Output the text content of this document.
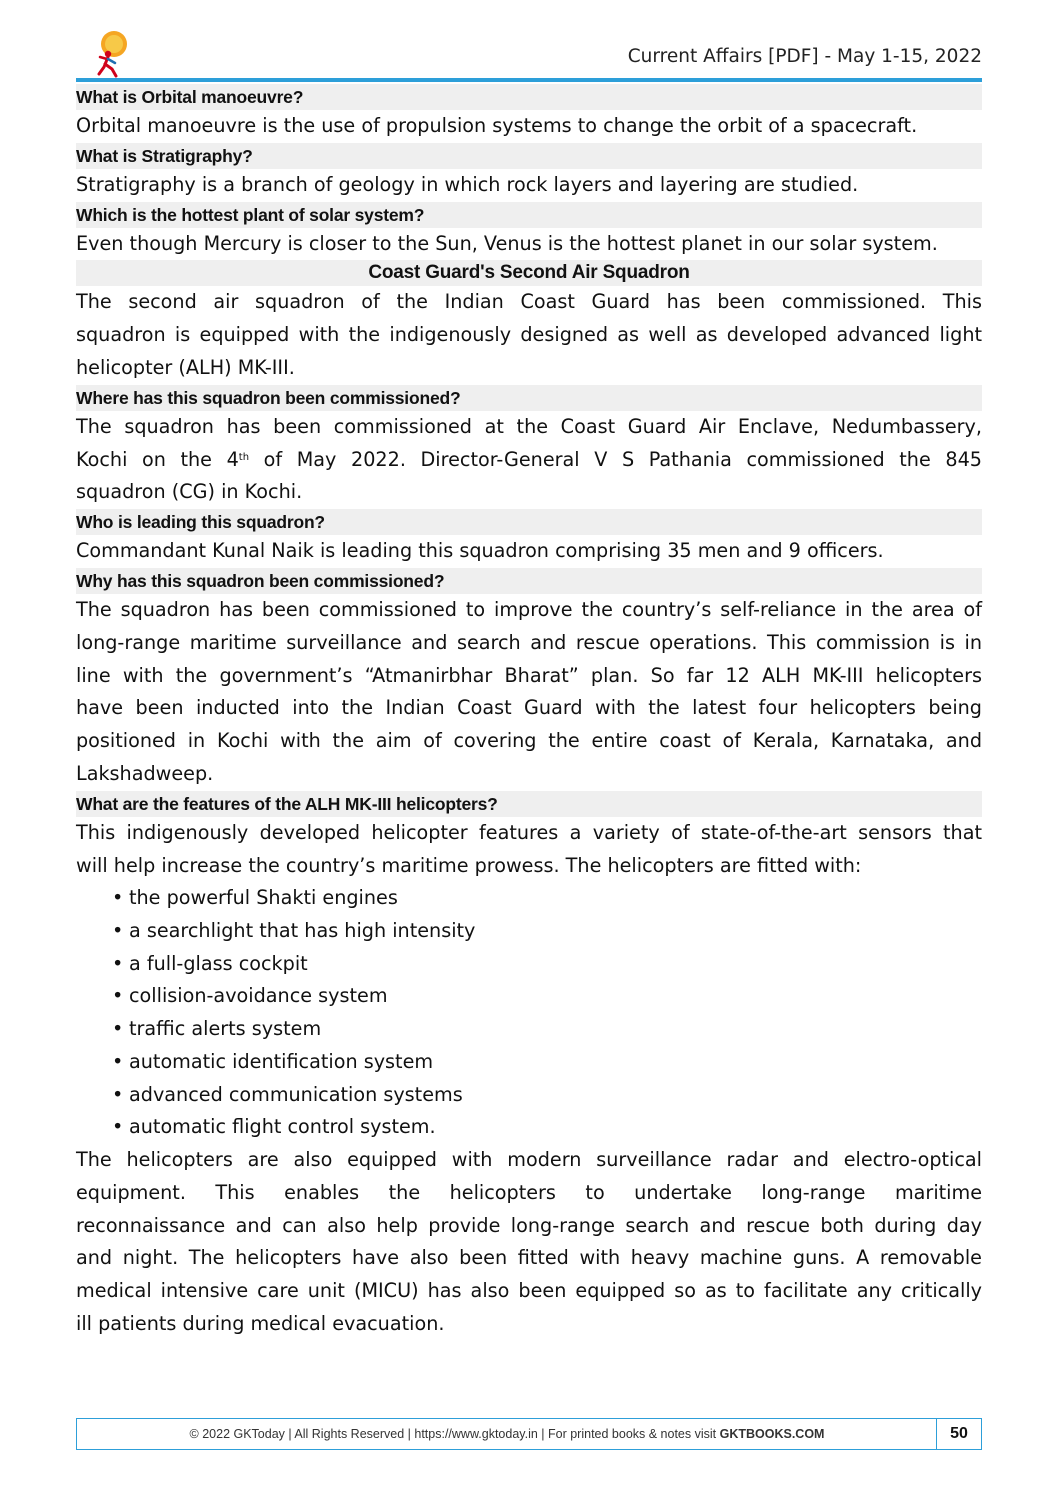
Current Affairs [PDF] - May 1-15, 2022
What is Orbital manoeuvre?
Orbital manoeuvre is the use of propulsion systems to change the orbit of a spacecraft.
What is Stratigraphy?
Stratigraphy is a branch of geology in which rock layers and layering are studied.
Which is the hottest plant of solar system?
Even though Mercury is closer to the Sun, Venus is the hottest planet in our solar system.
Coast Guard's Second Air Squadron
The second air squadron of the Indian Coast Guard has been commissioned. This
squadron is equipped with the indigenously designed as well as developed advanced light
helicopter (ALH) MK-III.
Where has this squadron been commissioned?
The squadron has been commissioned at the Coast Guard Air Enclave, Nedumbassery,
Kochi on the 4th of May 2022. Director-General V S Pathania commissioned the 845
squadron (CG) in Kochi.
Who is leading this squadron?
Commandant Kunal Naik is leading this squadron comprising 35 men and 9 officers.
Why has this squadron been commissioned?
The squadron has been commissioned to improve the country’s self-reliance in the area of
long-range maritime surveillance and search and rescue operations. This commission is in
line with the government’s “Atmanirbhar Bharat” plan. So far 12 ALH MK-III helicopters
have been inducted into the Indian Coast Guard with the latest four helicopters being
positioned in Kochi with the aim of covering the entire coast of Kerala, Karnataka, and
Lakshadweep.
What are the features of the ALH MK-III helicopters?
This indigenously developed helicopter features a variety of state-of-the-art sensors that
will help increase the country’s maritime prowess. The helicopters are fitted with:
• the powerful Shakti engines
• a searchlight that has high intensity
• a full-glass cockpit
• collision-avoidance system
• traffic alerts system
• automatic identification system
• advanced communication systems
• automatic flight control system.
The helicopters are also equipped with modern surveillance radar and electro-optical
equipment. This enables the helicopters to undertake long-range maritime
reconnaissance and can also help provide long-range search and rescue both during day
and night. The helicopters have also been fitted with heavy machine guns. A removable
medical intensive care unit (MICU) has also been equipped so as to facilitate any critically
ill patients during medical evacuation.
© 2022 GKToday | All Rights Reserved | https://www.gktoday.in | For printed books & notes visit GKTBOOKS.COM	50
